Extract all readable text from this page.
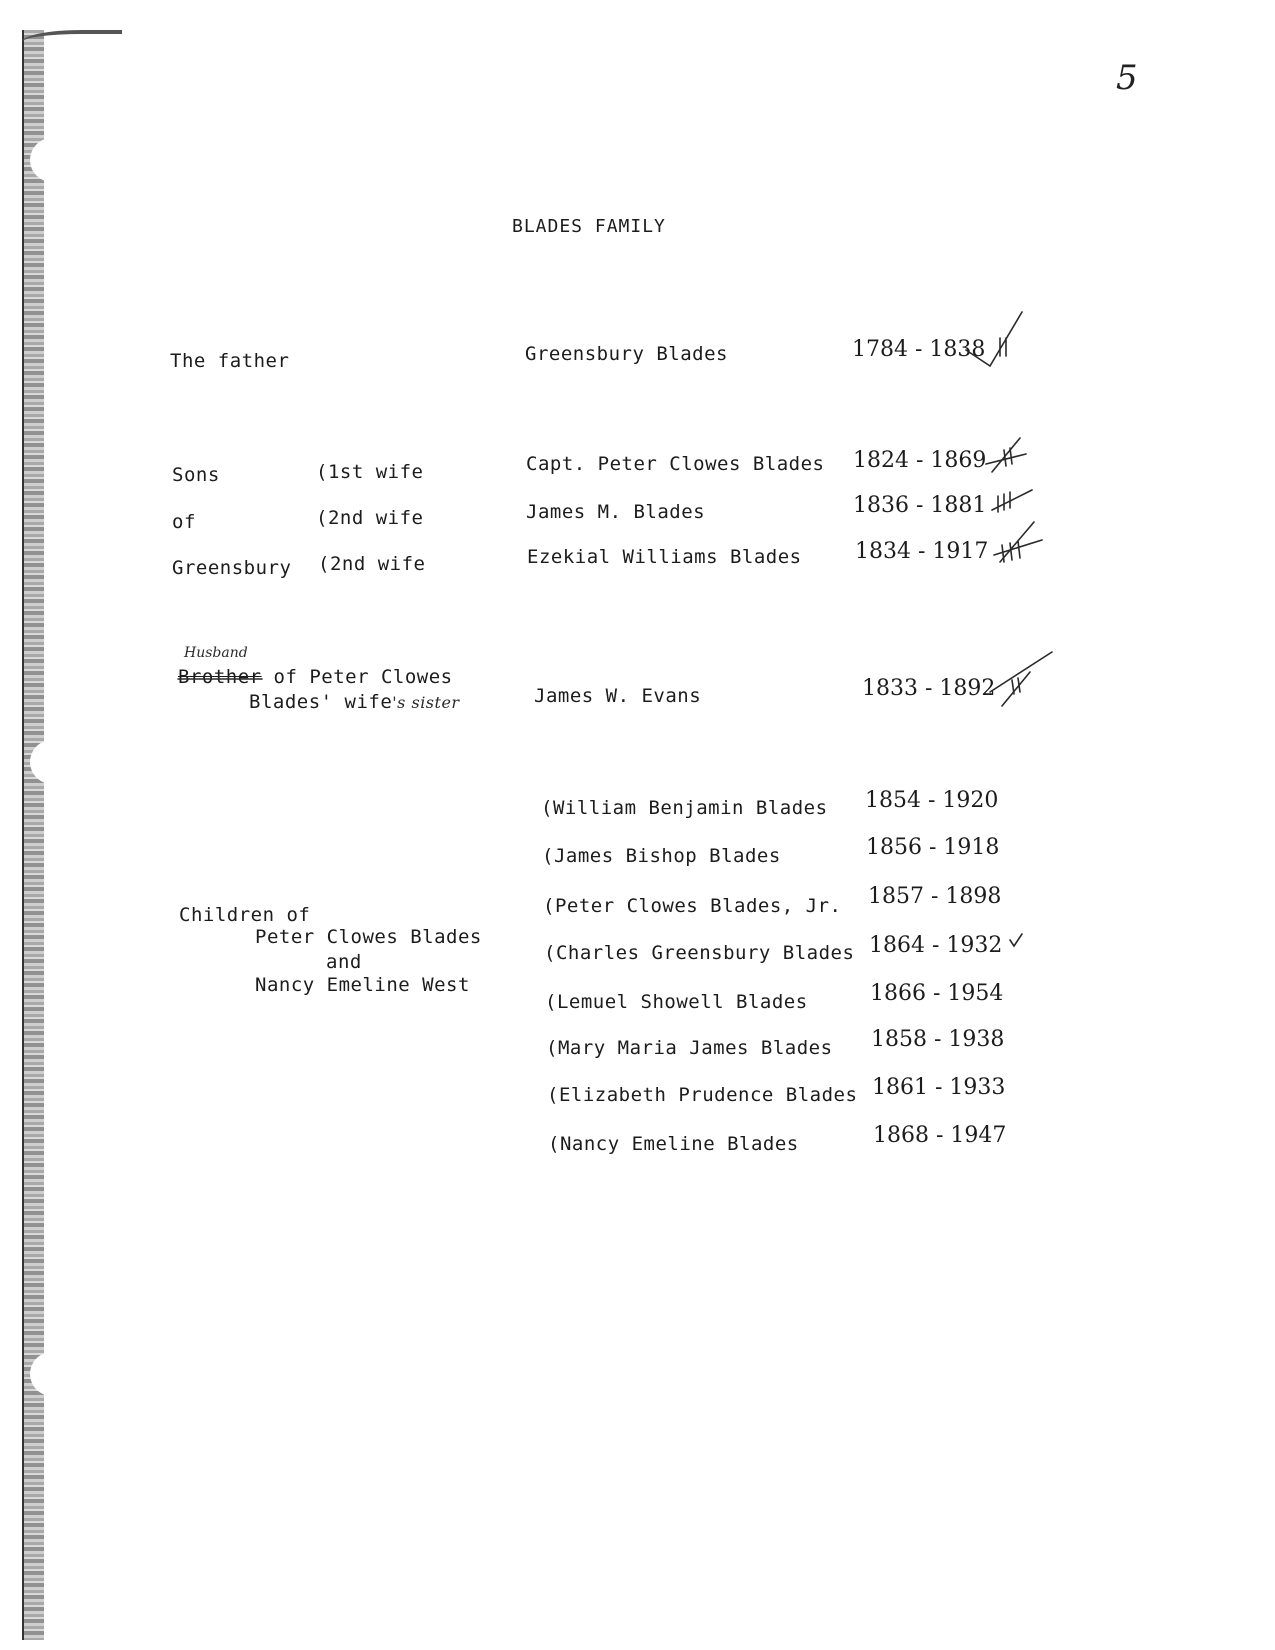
5
BLADES FAMILY
The father	Greensbury Blades	1784 - 1838
Sons
of
Greensbury
(1st wife	Capt. Peter Clowes Blades 1824 - 1869
(2nd wife	James M. Blades	1836 - 1881
(2nd wife	Ezekial Williams Blades 1834 - 1917
Husband
Brother of Peter Clowes
Blades' wife's sister	James W. Evans	1833 - 1892
Children of
Peter Clowes Blades
and
Nancy Emeline West
(William Benjamin Blades 1854 - 1920
(James Bishop Blades	1856 - 1918
(Peter Clowes Blades, Jr. 1857 - 1898
(Charles Greensbury Blades 1864 - 1932
(Lemuel Showell Blades	1866 - 1954
(Mary Maria James Blades 1858 - 1938
(Elizabeth Prudence Blades 1861 - 1933
(Nancy Emeline Blades	1868 - 1947
